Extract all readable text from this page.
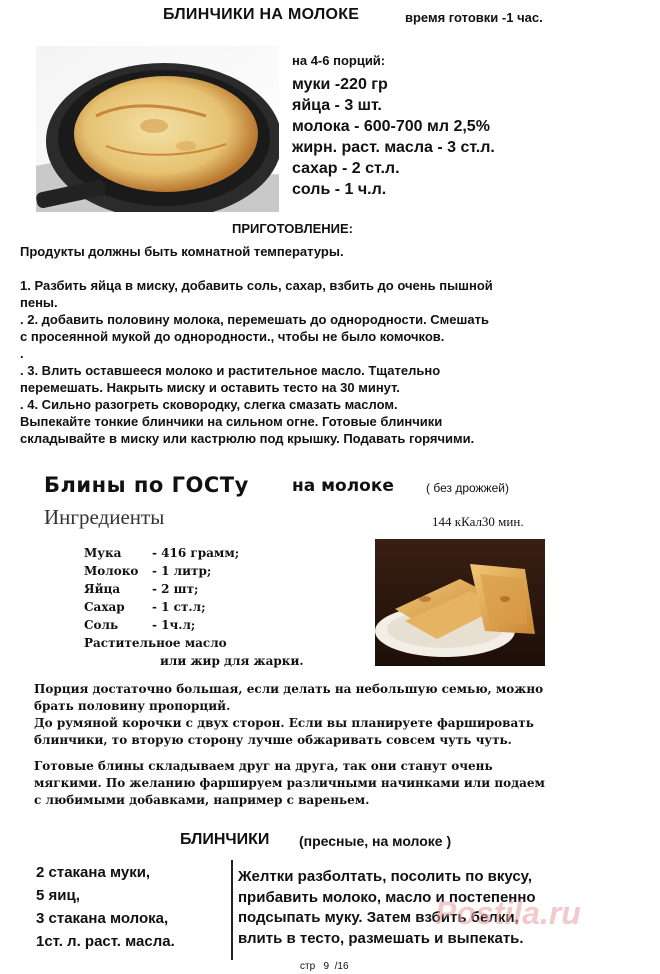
БЛИНЧИКИ НА МОЛОКЕ	время готовки -1 час.
на 4-6 порций:
муки -220 гр
яйца - 3 шт.
молока - 600-700 мл 2,5%
жирн. раст. масла - 3 ст.л.
сахар - 2 ст.л.
соль - 1 ч.л.
ПРИГОТОВЛЕНИЕ:
Продукты должны быть комнатной температуры.
1. Разбить яйца в миску, добавить соль, сахар, взбить до очень пышной
пены.
. 2. добавить половину молока, перемешать до однородности. Смешать
с просеянной мукой до однородности., чтобы не было комочков.
.
. 3. Влить оставшееся молоко и растительное масло. Тщательно
перемешать. Накрыть миску и оставить тесто на 30 минут.
. 4. Сильно разогреть сковородку, слегка смазать маслом.
Выпекайте тонкие блинчики на сильном огне. Готовые блинчики
складывайте в миску или кастрюлю под крышку. Подавать горячими.
Блины по ГОСТу	на молоке	( без дрожжей)
Ингредиенты	144 кКал30 мин.
Мука	- 416 грамм;
Молоко - 1 литр;
Яйца	- 2 шт;
Сахар - 1 ст.л;
Соль	- 1ч.л;
Растительное масло
или жир для жарки.
Порция достаточно большая, если делать на небольшую семью, можно
брать половину пропорций.
До румяной корочки с двух сторон. Если вы планируете фаршировать
блинчики, то вторую сторону лучше обжаривать совсем чуть чуть.
Готовые блины складываем друг на друга, так они станут очень
мягкими. По желанию фаршируем различными начинками или подаем
с любимыми добавками, например с вареньем.
БЛИНЧИКИ (пресные, на молоке )
2 стакана муки,
5 яиц,
3 стакана молока,
1ст. л. раст. масла.
Желтки разболтать, посолить по вкусу,
прибавить молоко, масло и постепенно
подсыпать муку. Затем взбить белки,
влить в тесто, размешать и выпекать.
Postila.ru
стр 9 /16
